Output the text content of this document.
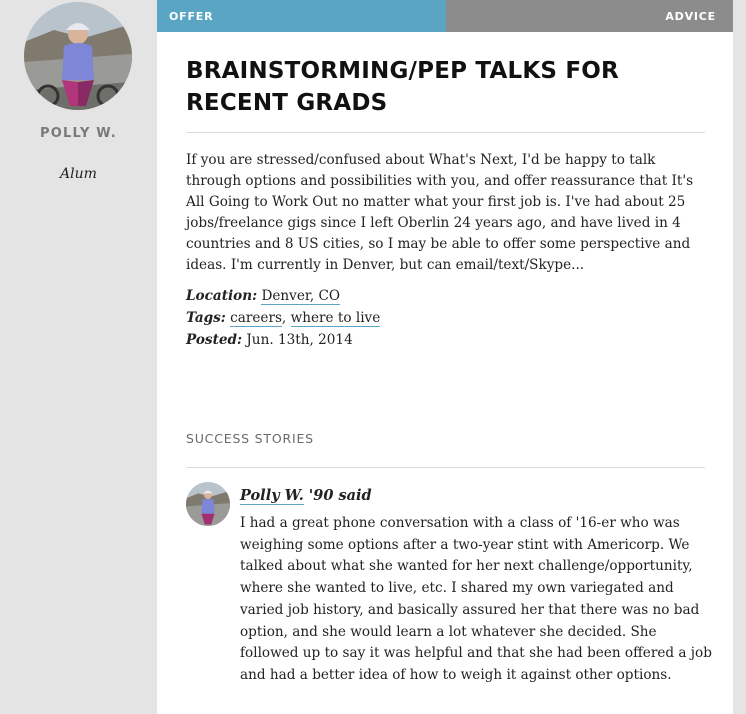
POLLY W.
Alum
OFFER	ADVICE
BRAINSTORMING/PEP TALKS FOR RECENT GRADS
If you are stressed/confused about What's Next, I'd be happy to talk through options and possibilities with you, and offer reassurance that It's All Going to Work Out no matter what your first job is. I've had about 25 jobs/freelance gigs since I left Oberlin 24 years ago, and have lived in 4 countries and 8 US cities, so I may be able to offer some perspective and ideas. I'm currently in Denver, but can email/text/Skype...
Location: Denver, CO
Tags: careers, where to live
Posted: Jun. 13th, 2014
SUCCESS STORIES
Polly W. '90 said
I had a great phone conversation with a class of '16-er who was weighing some options after a two-year stint with Americorp. We talked about what she wanted for her next challenge/opportunity, where she wanted to live, etc. I shared my own variegated and varied job history, and basically assured her that there was no bad option, and she would learn a lot whatever she decided. She followed up to say it was helpful and that she had been offered a job and had a better idea of how to weigh it against other options.
